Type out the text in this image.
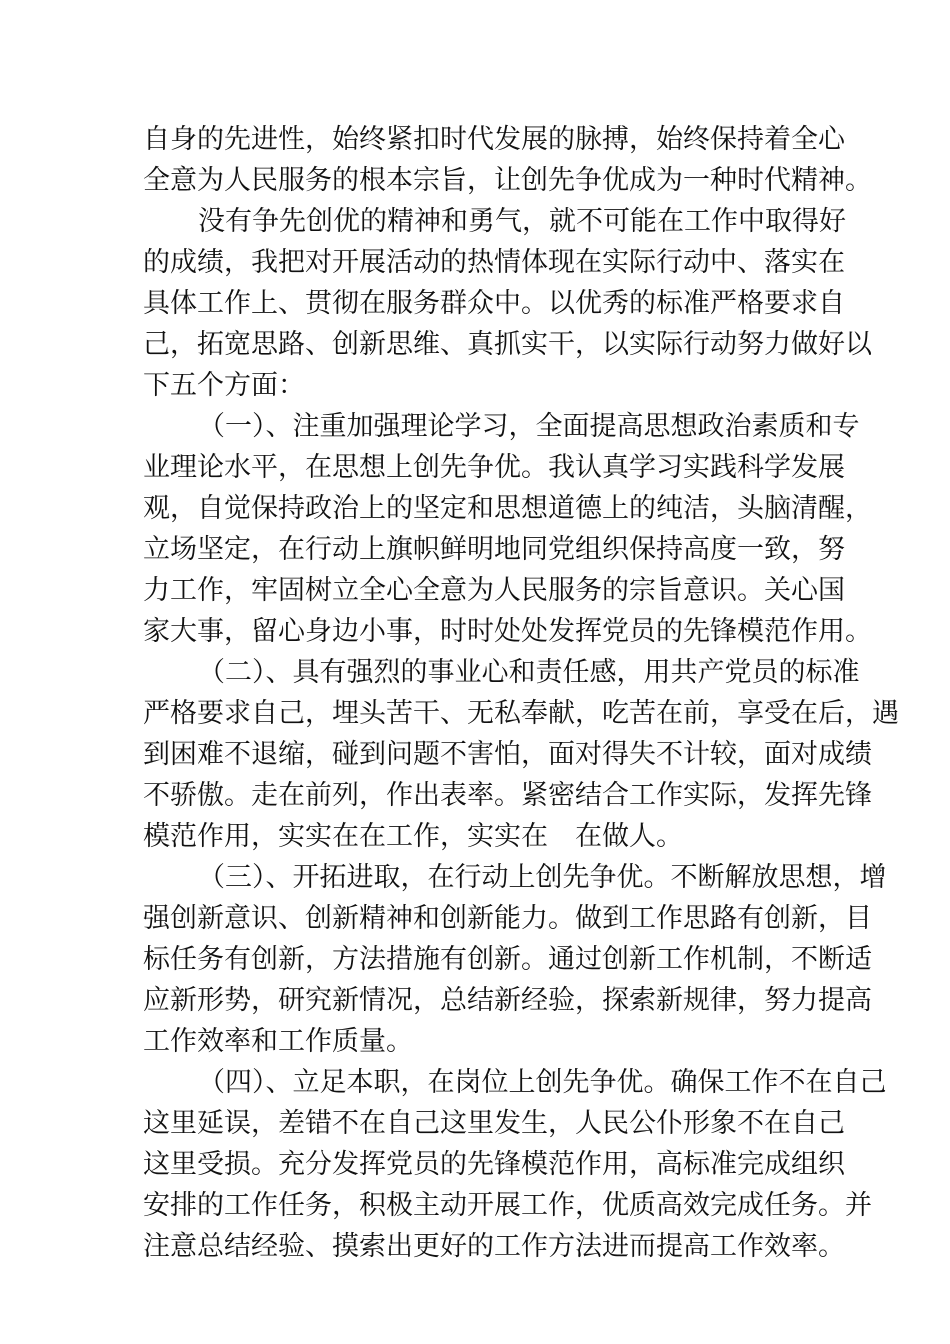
自身的先进性，始终紧扣时代发展的脉搏，始终保持着全心
全意为人民服务的根本宗旨，让创先争优成为一种时代精神。
没有争先创优的精神和勇气，就不可能在工作中取得好
的成绩，我把对开展活动的热情体现在实际行动中、落实在
具体工作上、贯彻在服务群众中。以优秀的标准严格要求自
己，拓宽思路、创新思维、真抓实干，以实际行动努力做好以
下五个方面：
（一）、注重加强理论学习，全面提高思想政治素质和专
业理论水平，在思想上创先争优。我认真学习实践科学发展
观，自觉保持政治上的坚定和思想道德上的纯洁，头脑清醒，
立场坚定，在行动上旗帜鲜明地同党组织保持高度一致，努
力工作，牢固树立全心全意为人民服务的宗旨意识。关心国
家大事，留心身边小事，时时处处发挥党员的先锋模范作用。
（二）、具有强烈的事业心和责任感，用共产党员的标准
严格要求自己，埋头苦干、无私奉献，吃苦在前，享受在后，遇
到困难不退缩，碰到问题不害怕，面对得失不计较，面对成绩
不骄傲。走在前列，作出表率。紧密结合工作实际，发挥先锋
模范作用，实实在在工作，实实在　在做人。
（三）、开拓进取，在行动上创先争优。不断解放思想，增
强创新意识、创新精神和创新能力。做到工作思路有创新，目
标任务有创新，方法措施有创新。通过创新工作机制，不断适
应新形势，研究新情况，总结新经验，探索新规律，努力提高
工作效率和工作质量。
（四）、立足本职，在岗位上创先争优。确保工作不在自己
这里延误，差错不在自己这里发生，人民公仆形象不在自己
这里受损。充分发挥党员的先锋模范作用，高标准完成组织
安排的工作任务，积极主动开展工作，优质高效完成任务。并
注意总结经验、摸索出更好的工作方法进而提高工作效率。
